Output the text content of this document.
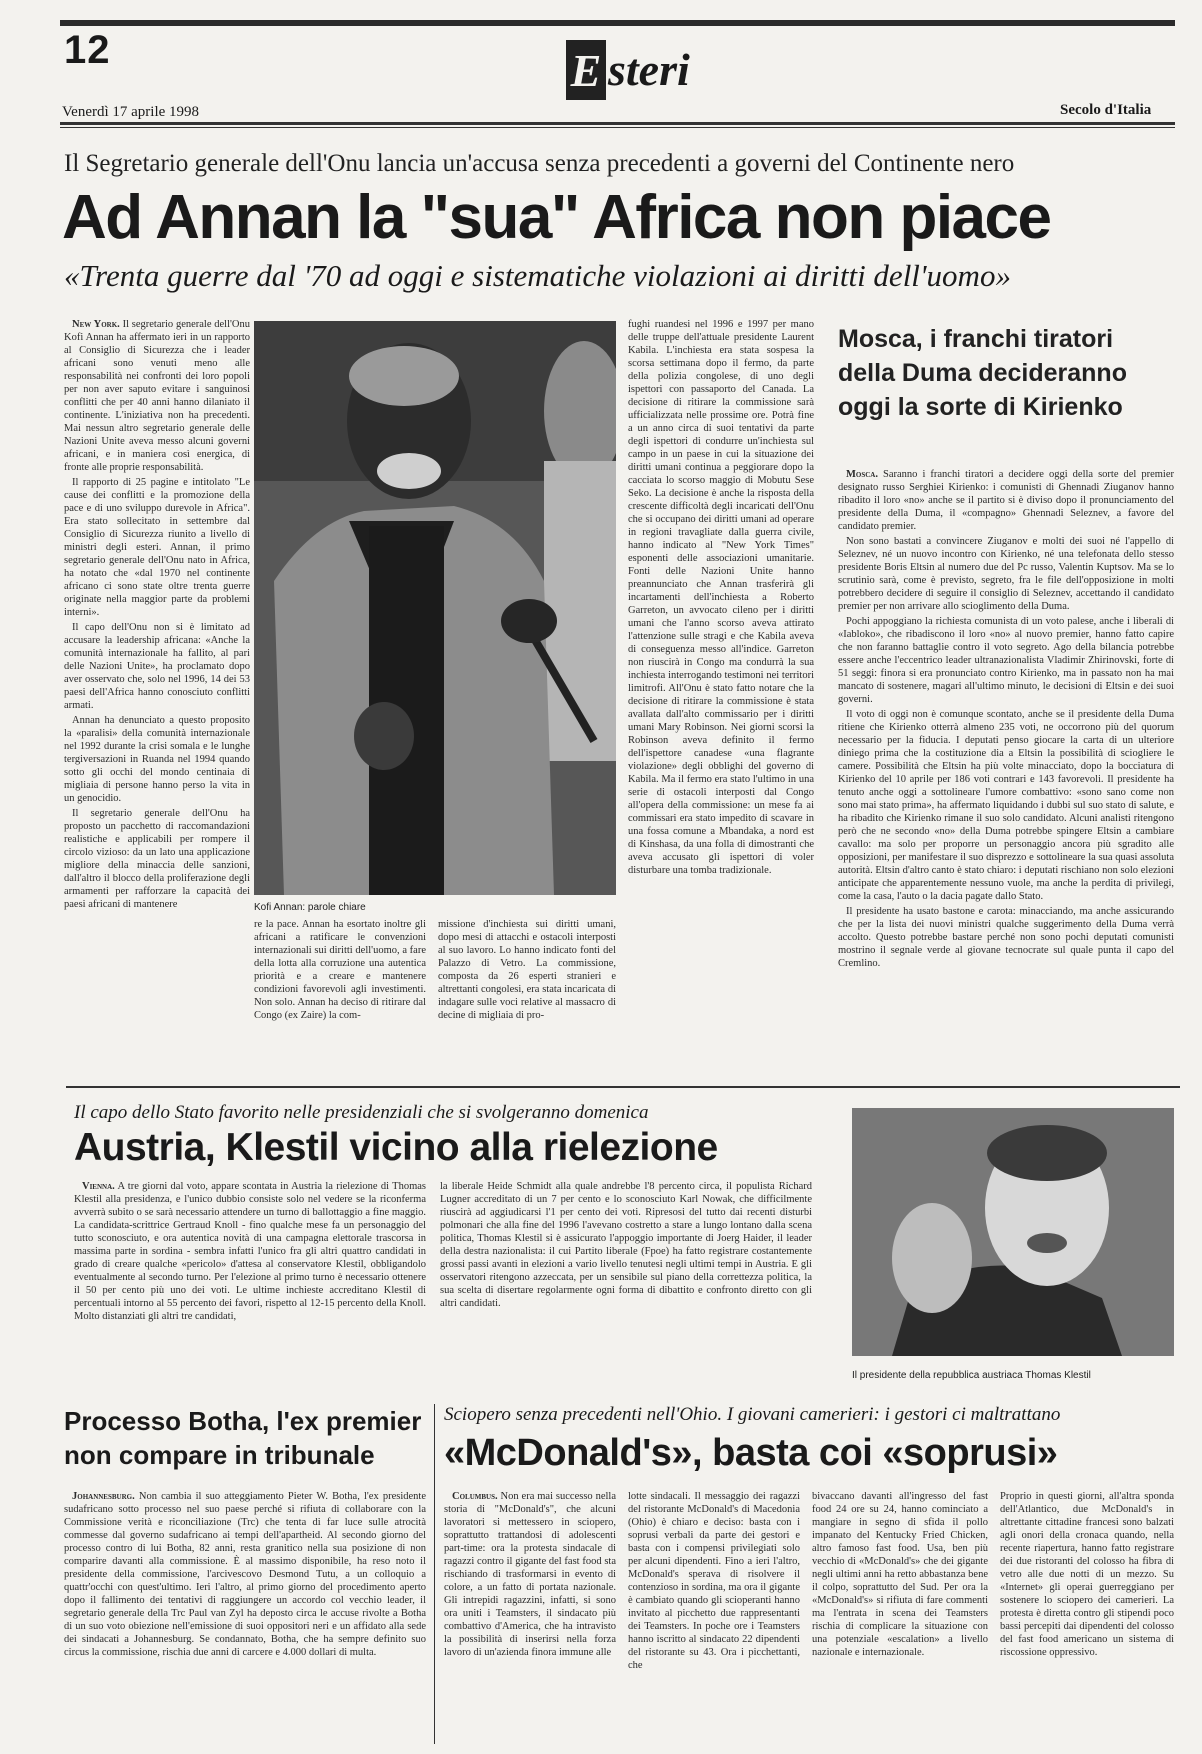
12	E steri
Venerdì 17 aprile 1998	Secolo d'Italia
Il Segretario generale dell'Onu lancia un'accusa senza precedenti a governi del Continente nero
Ad Annan la "sua" Africa non piace
«Trenta guerre dal '70 ad oggi e sistematiche violazioni ai diritti dell'uomo»

New York. Il segretario generale dell'Onu Kofi Annan ha affermato ieri in un rapporto al Consiglio di Sicurezza che i leader africani sono venuti meno alle responsabilità nei confronti dei loro popoli per non aver saputo evitare i sanguinosi conflitti che per 40 anni hanno dilaniato il continente. L'iniziativa non ha precedenti. Mai nessun altro segretario generale delle Nazioni Unite aveva messo alcuni governi africani, e in maniera così energica, di fronte alle proprie responsabilità.

Il rapporto di 25 pagine e intitolato "Le cause dei conflitti e la promozione della pace e di uno sviluppo durevole in Africa". Era stato sollecitato in settembre dal Consiglio di Sicurezza riunito a livello di ministri degli esteri. Annan, il primo segretario generale dell'Onu nato in Africa, ha notato che «dal 1970 nel continente africano ci sono state oltre trenta guerre originate nella maggior parte da problemi interni».

Il capo dell'Onu non si è limitato ad accusare la leadership africana: «Anche la comunità internazionale ha fallito, al pari delle Nazioni Unite», ha proclamato dopo aver osservato che, solo nel 1996, 14 dei 53 paesi dell'Africa hanno conosciuto conflitti armati.

Annan ha denunciato a questo proposito la «paralisi» della comunità internazionale nel 1992 durante la crisi somala e le lunghe tergiversazioni in Ruanda nel 1994 quando sotto gli occhi del mondo centinaia di migliaia di persone hanno perso la vita in un genocidio.

Il segretario generale dell'Onu ha proposto un pacchetto di raccomandazioni realistiche e applicabili per rompere il circolo vizioso: da un lato una applicazione migliore della minaccia delle sanzioni, dall'altro il blocco della proliferazione degli armamenti per rafforzare la capacità dei paesi africani di mantenere	Kofi Annan: parole chiare
re la pace. Annan ha esortato inoltre gli africani a ratificare le convenzioni internazionali sui diritti dell'uomo, a fare della lotta alla corruzione una autentica priorità e a creare e mantenere condizioni favorevoli agli investimenti. Non solo. Annan ha deciso di ritirare dal Congo (ex Zaire) la com-
missione d'inchiesta sui diritti umani, dopo mesi di attacchi e ostacoli interposti al suo lavoro. Lo hanno indicato fonti del Palazzo di Vetro. La commissione, composta da 26 esperti stranieri e altrettanti congolesi, era stata incaricata di indagare sulle voci relative al massacro di decine di migliaia di pro-
fughi ruandesi nel 1996 e 1997 per mano delle truppe dell'attuale presidente Laurent Kabila. L'inchiesta era stata sospesa la scorsa settimana dopo il fermo, da parte della polizia congolese, di uno degli ispettori con passaporto del Canada. La decisione di ritirare la commissione sarà ufficializzata nelle prossime ore. Potrà fine a un anno circa di suoi tentativi da parte degli ispettori di condurre un'inchiesta sul campo in un paese in cui la situazione dei diritti umani continua a peggiorare dopo la cacciata lo scorso maggio di Mobutu Sese Seko. La decisione è anche la risposta della crescente difficoltà degli incaricati dell'Onu che si occupano dei diritti umani ad operare in regioni travagliate dalla guerra civile, hanno indicato al "New York Times" esponenti delle associazioni umanitarie. Fonti delle Nazioni Unite hanno preannunciato che Annan trasferirà gli incartamenti dell'inchiesta a Roberto Garreton, un avvocato cileno per i diritti umani che l'anno scorso aveva attirato l'attenzione sulle stragi e che Kabila aveva di conseguenza messo all'indice. Garreton non riuscirà in Congo ma condurrà la sua inchiesta interrogando testimoni nei territori limitrofi. All'Onu è stato fatto notare che la decisione di ritirare la commissione è stata avallata dall'alto commissario per i diritti umani Mary Robinson. Nei giorni scorsi la Robinson aveva definito il fermo dell'ispettore canadese «una flagrante violazione» degli obblighi del governo di Kabila. Ma il fermo era stato l'ultimo in una serie di ostacoli interposti dal Congo all'opera della commissione: un mese fa ai commissari era stato impedito di scavare in una fossa comune a Mbandaka, a nord est di Kinshasa, da una folla di dimostranti che aveva accusato gli ispettori di voler disturbare una tomba tradizionale.
Mosca, i franchi tiratori della Duma decideranno oggi la sorte di Kirienko

Mosca. Saranno i franchi tiratori a decidere oggi della sorte del premier designato russo Serghiei Kirienko: i comunisti di Ghennadi Ziuganov hanno ribadito il loro «no» anche se il partito si è diviso dopo il pronunciamento del presidente della Duma, il «compagno» Ghennadi Seleznev, a favore del candidato premier.

Non sono bastati a convincere Ziuganov e molti dei suoi né l'appello di Seleznev, né un nuovo incontro con Kirienko, né una telefonata dello stesso presidente Boris Eltsin al numero due del Pc russo, Valentin Kuptsov. Ma se lo scrutinio sarà, come è previsto, segreto, fra le file dell'opposizione in molti potrebbero decidere di seguire il consiglio di Seleznev, accettando il candidato premier per non arrivare allo scioglimento della Duma.

Pochi appoggiano la richiesta comunista di un voto palese, anche i liberali di «Iabloko», che ribadiscono il loro «no» al nuovo premier, hanno fatto capire che non faranno battaglie contro il voto segreto. Ago della bilancia potrebbe essere anche l'eccentrico leader ultranazionalista Vladimir Zhirinovski, forte di 51 seggi: finora si era pronunciato contro Kirienko, ma in passato non ha mai mancato di sostenere, magari all'ultimo minuto, le decisioni di Eltsin e dei suoi governi.

Il voto di oggi non è comunque scontato, anche se il presidente della Duma ritiene che Kirienko otterrà almeno 235 voti, ne occorrono più del quorum necessario per la fiducia. I deputati penso giocare la carta di un ulteriore diniego prima che la costituzione dia a Eltsin la possibilità di sciogliere le camere. Possibilità che Eltsin ha più volte minacciato, dopo la bocciatura di Kirienko del 10 aprile per 186 voti contrari e 143 favorevoli. Il presidente ha tenuto anche oggi a sottolineare l'umore combattivo: «sono sano come non sono mai stato prima», ha affermato liquidando i dubbi sul suo stato di salute, e ha ribadito che Kirienko rimane il suo solo candidato. Alcuni analisti ritengono però che ne secondo «no» della Duma potrebbe spingere Eltsin a cambiare cavallo: ma solo per proporre un personaggio ancora più sgradito alle opposizioni, per manifestare il suo disprezzo e sottolineare la sua quasi assoluta autorità. Eltsin d'altro canto è stato chiaro: i deputati rischiano non solo elezioni anticipate che apparentemente nessuno vuole, ma anche la perdita di privilegi, come la casa, l'auto o la dacia pagate dallo Stato.

Il presidente ha usato bastone e carota: minacciando, ma anche assicurando che per la lista dei nuovi ministri qualche suggerimento della Duma verrà accolto. Questo potrebbe bastare perché non sono pochi deputati comunisti mostrino il segnale verde al giovane tecnocrate sul quale punta il capo del Cremlino.

Il capo dello Stato favorito nelle presidenziali che si svolgeranno domenica
Austria, Klestil vicino alla rielezione

Vienna. A tre giorni dal voto, appare scontata in Austria la rielezione di Thomas Klestil alla presidenza, e l'unico dubbio consiste solo nel vedere se la riconferma avverrà subito o se sarà necessario attendere un turno di ballottaggio a fine maggio. La candidata-scrittrice Gertraud Knoll - fino qualche mese fa un personaggio del tutto sconosciuto, e ora autentica novità di una campagna elettorale trascorsa in massima parte in sordina - sembra infatti l'unico fra gli altri quattro candidati in grado di creare qualche «pericolo» d'attesa al conservatore Klestil, obbligandolo eventualmente al secondo turno. Per l'elezione al primo turno è necessario ottenere il 50 per cento più uno dei voti. Le ultime inchieste accreditano Klestil di percentuali intorno al 55 percento dei favori, rispetto al 12-15 percento della Knoll. Molto distanziati gli altri tre candidati,

la liberale Heide Schmidt alla quale andrebbe l'8 percento circa, il populista Richard Lugner accreditato di un 7 per cento e lo sconosciuto Karl Nowak, che difficilmente riuscirà ad aggiudicarsi l'1 per cento dei voti. Ripresosi del tutto dai recenti disturbi polmonari che alla fine del 1996 l'avevano costretto a stare a lungo lontano dalla scena politica, Thomas Klestil si è assicurato l'appoggio importante di Joerg Haider, il leader della destra nazionalista: il cui Partito liberale (Fpoe) ha fatto registrare costantemente grossi passi avanti in elezioni a vario livello tenutesi negli ultimi tempi in Austria. E gli osservatori ritengono azzeccata, per un sensibile sul piano della correttezza politica, la sua scelta di disertare regolarmente ogni forma di dibattito e confronto diretto con gli altri candidati.
Il presidente della repubblica austriaca Thomas Klestil
Processo Botha, l'ex premier non compare in tribunale

Johannesburg. Non cambia il suo atteggiamento Pieter W. Botha, l'ex presidente sudafricano sotto processo nel suo paese perché si rifiuta di collaborare con la Commissione verità e riconciliazione (Trc) che tenta di far luce sulle atrocità commesse dal governo sudafricano ai tempi dell'apartheid. Al secondo giorno del processo contro di lui Botha, 82 anni, resta granitico nella sua posizione di non comparire davanti alla commissione. È al massimo disponibile, ha reso noto il presidente della commissione, l'arcivescovo Desmond Tutu, a un colloquio a quattr'occhi con quest'ultimo. Ieri l'altro, al primo giorno del procedimento aperto dopo il fallimento dei tentativi di raggiungere un accordo col vecchio leader, il segretario generale della Trc Paul van Zyl ha deposto circa le accuse rivolte a Botha di un suo voto obiezione nell'emissione di suoi oppositori neri e un affidato alla sede dei sindacati a Johannesburg. Se condannato, Botha, che ha sempre definito suo circus la commissione, rischia due anni di carcere e 4.000 dollari di multa.

Sciopero senza precedenti nell'Ohio. I giovani camerieri: i gestori ci maltrattano
«McDonald's», basta coi «soprusi»

Columbus. Non era mai successo nella storia di "McDonald's", che alcuni lavoratori si mettessero in sciopero, soprattutto trattandosi di adolescenti part-time: ora la protesta sindacale di ragazzi contro il gigante del fast food sta rischiando di trasformarsi in evento di colore, a un fatto di portata nazionale. Gli intrepidi ragazzini, infatti, si sono ora uniti i Teamsters, il sindacato più combattivo d'America, che ha intravisto la possibilità di inserirsi nella forza lavoro di un'azienda finora immune alle

lotte sindacali. Il messaggio dei ragazzi del ristorante McDonald's di Macedonia (Ohio) è chiaro e deciso: basta con i soprusi verbali da parte dei gestori e basta con i compensi privilegiati solo per alcuni dipendenti. Fino a ieri l'altro, McDonald's sperava di risolvere il contenzioso in sordina, ma ora il gigante è cambiato quando gli scioperanti hanno invitato al picchetto due rappresentanti dei Teamsters. In poche ore i Teamsters hanno iscritto al sindacato 22 dipendenti del ristorante su 43. Ora i picchettanti, che
bivaccano davanti all'ingresso del fast food 24 ore su 24, hanno cominciato a mangiare in segno di sfida il pollo impanato del Kentucky Fried Chicken, altro famoso fast food. Usa, ben più vecchio di «McDonald's» che dei gigante negli ultimi anni ha retto abbastanza bene il colpo, soprattutto del Sud. Per ora la «McDonald's» si rifiuta di fare commenti ma l'entrata in scena dei Teamsters rischia di complicare la situazione con una potenziale «escalation» a livello nazionale e internazionale.
Proprio in questi giorni, all'altra sponda dell'Atlantico, due McDonald's in altrettante cittadine francesi sono balzati agli onori della cronaca quando, nella recente riapertura, hanno fatto registrare dei due ristoranti del colosso ha fibra di vetro alle due notti di un mezzo. Su «Internet» gli operai guerreggiano per sostenere lo sciopero dei camerieri. La protesta è diretta contro gli stipendi poco bassi percepiti dai dipendenti del colosso del fast food americano un sistema di riscossione oppressivo.
